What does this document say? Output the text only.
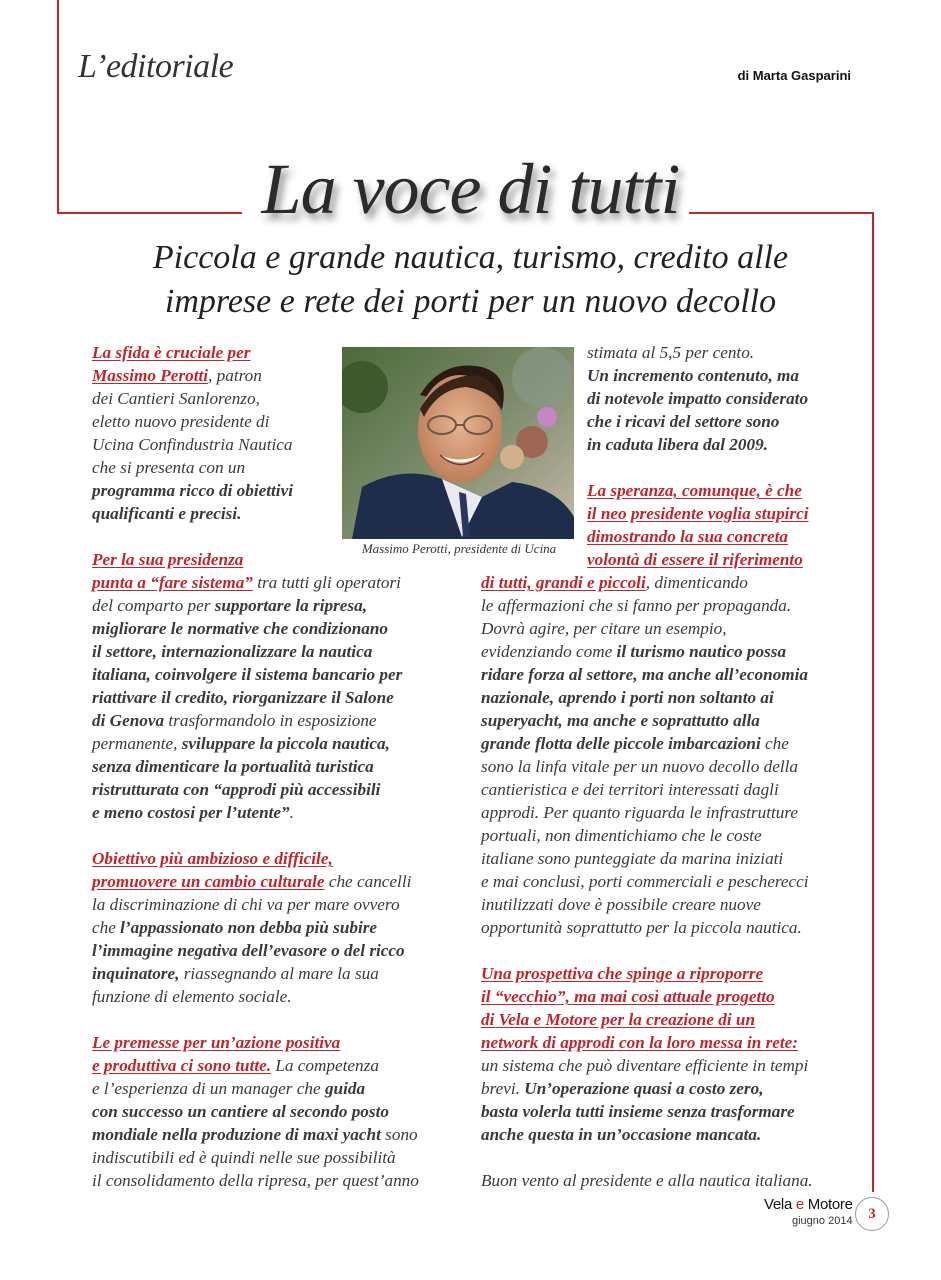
L’editoriale	di Marta Gasparini
La voce di tutti
Piccola e grande nautica, turismo, credito alle
imprese e rete dei porti per un nuovo decollo
Massimo Perotti, presidente di Ucina
La sfida è cruciale per
Massimo Perotti, patron
dei Cantieri Sanlorenzo,
eletto nuovo presidente di
Ucina Confindustria Nautica
che si presenta con un
programma ricco di obiettivi
qualificanti e precisi.
Per la sua presidenza
punta a “fare sistema” tra tutti gli operatori
del comparto per supportare la ripresa,
migliorare le normative che condizionano
il settore, internazionalizzare la nautica
italiana, coinvolgere il sistema bancario per
riattivare il credito, riorganizzare il Salone
di Genova trasformandolo in esposizione
permanente, sviluppare la piccola nautica,
senza dimenticare la portualità turistica
ristrutturata con “approdi più accessibili
e meno costosi per l’utente”.
Obiettivo più ambizioso e difficile,
promuovere un cambio culturale che cancelli
la discriminazione di chi va per mare ovvero
che l’appassionato non debba più subire
l’immagine negativa dell’evasore o del ricco
inquinatore, riassegnando al mare la sua
funzione di elemento sociale.
Le premesse per un’azione positiva
e produttiva ci sono tutte. La competenza
e l’esperienza di un manager che guida
con successo un cantiere al secondo posto
mondiale nella produzione di maxi yacht sono
indiscutibili ed è quindi nelle sue possibilità
il consolidamento della ripresa, per quest’anno
stimata al 5,5 per cento.
Un incremento contenuto, ma
di notevole impatto considerato
che i ricavi del settore sono
in caduta libera dal 2009.
La speranza, comunque, è che
il neo presidente voglia stupirci
dimostrando la sua concreta
volontà di essere il riferimento
di tutti, grandi e piccoli, dimenticando
le affermazioni che si fanno per propaganda.
Dovrà agire, per citare un esempio,
evidenziando come il turismo nautico possa
ridare forza al settore, ma anche all’economia
nazionale, aprendo i porti non soltanto ai
superyacht, ma anche e soprattutto alla
grande flotta delle piccole imbarcazioni che
sono la linfa vitale per un nuovo decollo della
cantieristica e dei territori interessati dagli
approdi. Per quanto riguarda le infrastrutture
portuali, non dimentichiamo che le coste
italiane sono punteggiate da marina iniziati
e mai conclusi, porti commerciali e pescherecci
inutilizzati dove è possibile creare nuove
opportunità soprattutto per la piccola nautica.
Una prospettiva che spinge a riproporre
il “vecchio”, ma mai così attuale progetto
di Vela e Motore per la creazione di un
network di approdi con la loro messa in rete:
un sistema che può diventare efficiente in tempi
brevi. Un’operazione quasi a costo zero,
basta volerla tutti insieme senza trasformare
anche questa in un’occasione mancata.
Buon vento al presidente e alla nautica italiana.
Vela e Motore
giugno 2014	3
